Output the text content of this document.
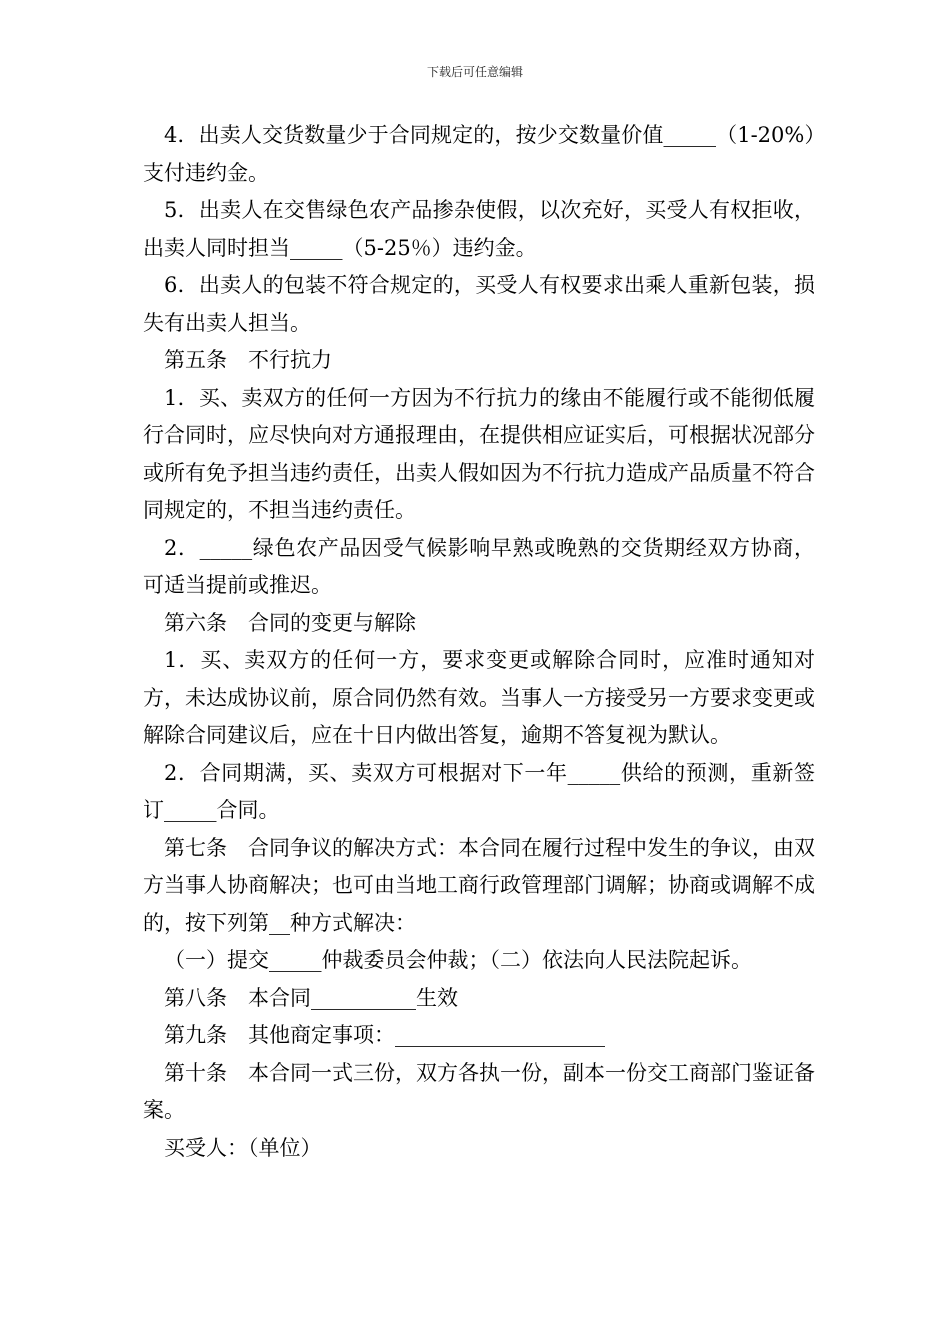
下载后可任意编辑

4．出卖人交货数量少于合同规定的，按少交数量价值_____（1-20%）支付违约金。

5．出卖人在交售绿色农产品掺杂使假，以次充好，买受人有权拒收，出卖人同时担当_____（5-25％）违约金。

6．出卖人的包装不符合规定的，买受人有权要求出乘人重新包装，损失有出卖人担当。

第五条　不行抗力

1．买、卖双方的任何一方因为不行抗力的缘由不能履行或不能彻低履行合同时，应尽快向对方通报理由，在提供相应证实后，可根据状况部分或所有免予担当违约责任，出卖人假如因为不行抗力造成产品质量不符合同规定的，不担当违约责任。

2．_____绿色农产品因受气候影响早熟或晚熟的交货期经双方协商，可适当提前或推迟。

第六条　合同的变更与解除

1．买、卖双方的任何一方，要求变更或解除合同时，应准时通知对方，未达成协议前，原合同仍然有效。当事人一方接受另一方要求变更或解除合同建议后，应在十日内做出答复，逾期不答复视为默认。

2．合同期满，买、卖双方可根据对下一年_____供给的预测，重新签订_____合同。

第七条　合同争议的解决方式：本合同在履行过程中发生的争议，由双方当事人协商解决；也可由当地工商行政管理部门调解；协商或调解不成的，按下列第__种方式解决：

（一）提交_____仲裁委员会仲裁；（二）依法向人民法院起诉。

第八条　本合同__________生效

第九条　其他商定事项：____________________

第十条　本合同一式三份，双方各执一份，副本一份交工商部门鉴证备案。

买受人：（单位）
